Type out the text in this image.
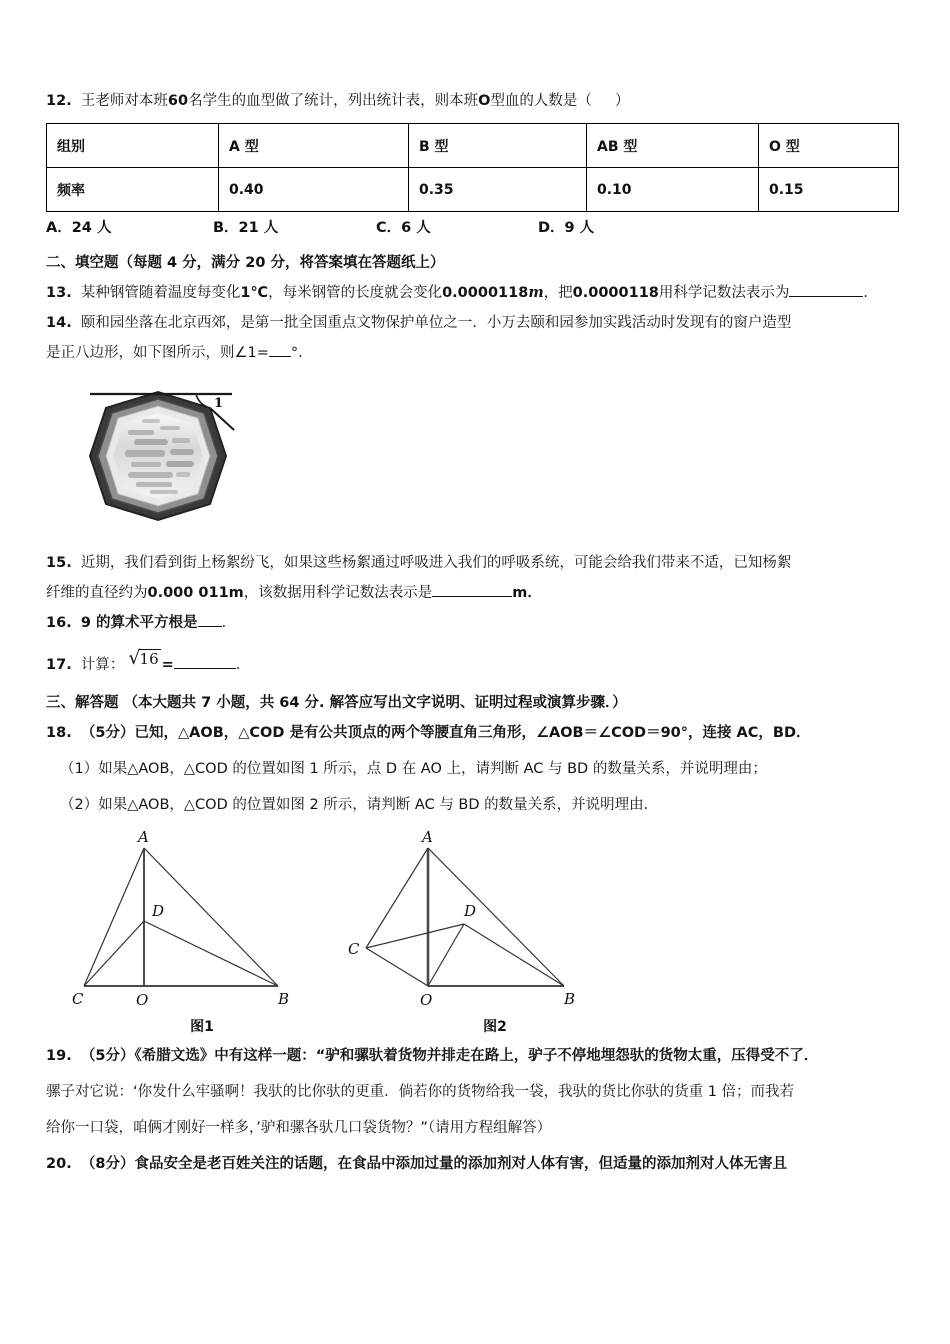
12. 王老师对本班60名学生的血型做了统计，列出统计表，则本班O型血的人数是（ ）
组别	A 型	B 型	AB 型	O 型
频率	0.40	0.35	0.10	0.15
A．24 人	B．21 人	C．6 人	D．9 人
二、填空题（每题 4 分，满分 20 分，将答案填在答题纸上）
13. 某种钢管随着温度每变化1℃，每米钢管的长度就会变化0.0000118m，把0.0000118用科学记数法表示为	．
14. 颐和园坐落在北京西郊，是第一批全国重点文物保护单位之一．小万去颐和园参加实践活动时发现有的窗户造型
是正八边形，如下图所示，则∠1= °．
1
15. 近期，我们看到街上杨絮纷飞，如果这些杨絮通过呼吸进入我们的呼吸系统，可能会给我们带来不适，已知杨絮
纤维的直径约为0.000 011m，该数据用科学记数法表示是	m．
16. 9 的算术平方根是 ．
17. 计算： √16 =	．
三、解答题 （本大题共 7 小题，共 64 分. 解答应写出文字说明、证明过程或演算步骤．）
18. （5分）已知，△AOB，△COD 是有公共顶点的两个等腰直角三角形，∠AOB＝∠COD＝90°，连接 AC，BD．
（1）如果△AOB，△COD 的位置如图 1 所示，点 D 在 AO 上，请判断 AC 与 BD 的数量关系，并说明理由；
（2）如果△AOB，△COD 的位置如图 2 所示，请判断 AC 与 BD 的数量关系，并说明理由．
A
D
C	O	B
图1
A
D
C
O	B
图2
19. （5分）《希腊文选》中有这样一题：“驴和骡驮着货物并排走在路上，驴子不停地埋怨驮的货物太重，压得受不了．
骡子对它说：‘你发什么牢骚啊！我驮的比你驮的更重．倘若你的货物给我一袋，我驮的货比你驮的货重 1 倍；而我若
给你一口袋，咱俩才刚好一样多，’驴和骡各驮几口袋货物？”（请用方程组解答）
20. （8分）食品安全是老百姓关注的话题，在食品中添加过量的添加剂对人体有害，但适量的添加剂对人体无害且
